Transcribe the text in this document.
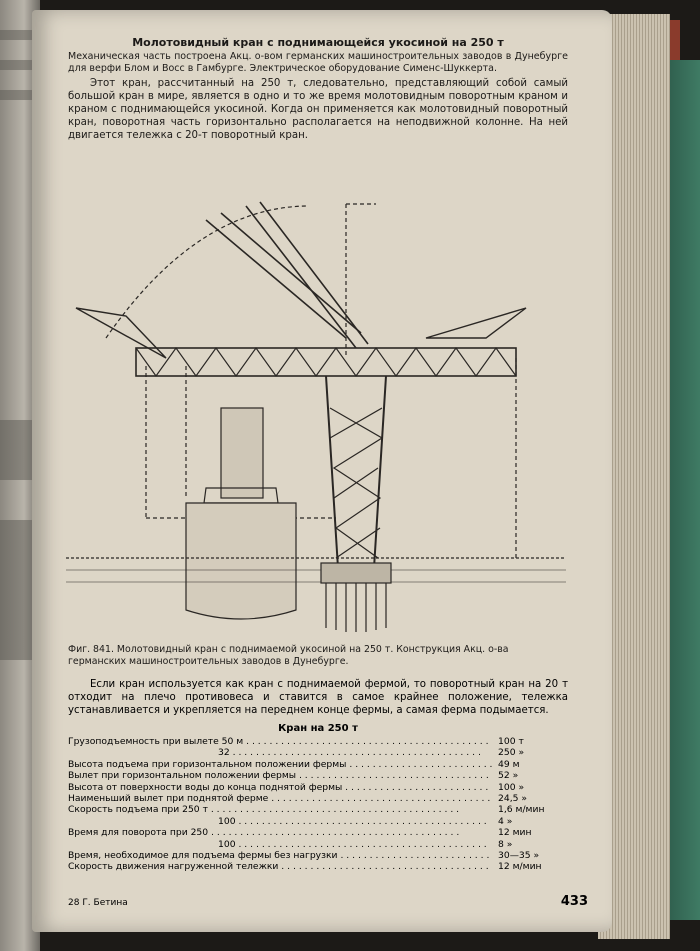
Молотовидный кран с поднимающейся укосиной на 250 т
Механическая часть построена Акц. о-вом германских машиностроительных заводов в Дунебурге для верфи Блом и Восс в Гамбурге. Электрическое оборудование Сименс-Шуккерта.
Этот кран, рассчитанный на 250 т, следовательно, представляющий собой самый большой кран в мире, является в одно и то же время молотовидным поворотным краном и краном с поднимающейся укосиной. Когда он применяется как молотовидный поворотный кран, поворотная часть горизонтально располагается на неподвижной колонне. На ней двигается тележка с 20-т поворотный кран.
Фиг. 841. Молотовидный кран с поднимаемой укосиной на 250 т. Конструкция Акц. о-ва германских машиностроительных заводов в Дунебурге.
Если кран используется как кран с поднимаемой фермой, то поворотный кран на 20 т отходит на плечо противовеса и ставится в самое крайнее положение, тележка устанавливается и укрепляется на переднем конце фермы, а самая ферма подымается.
Кран на 250 т
Грузоподъемность при вылете 50 м . . .	100 т
32 . . .	250 »
Высота подъема при горизонтальном положении фермы . . .	49 м
Вылет при горизонтальном положении фермы . . .	52 »
Высота от поверхности воды до конца поднятой фермы . . .	100 »
Наименьший вылет при поднятой ферме . . .	24,5 »
Скорость подъема при 250 т . . .	1,6 м/мин
100 . . .	4 »
Время для поворота при 250 . . .	12 мин
100 . . .	8 »
Время, необходимое для подъема фермы без нагрузки . . .	30—35 »
Скорость движения нагруженной тележки . . .	12 м/мин
28 Г. Бетина	433
